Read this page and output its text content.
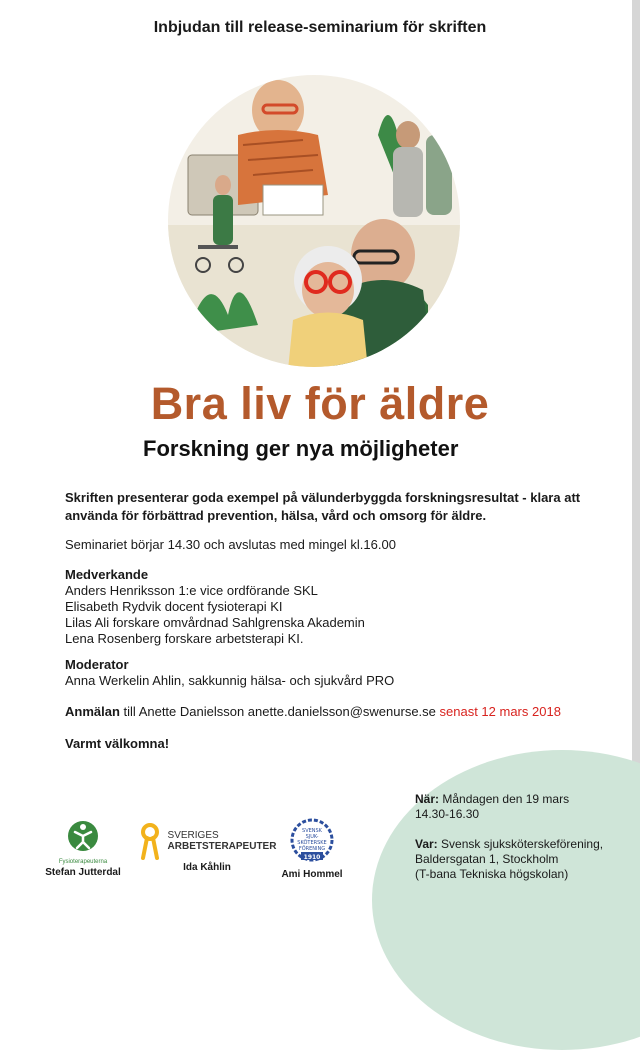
Inbjudan till release-seminarium för skriften
Bra liv för äldre
Forskning ger nya möjligheter
Skriften presenterar goda exempel på välunderbyggda forskningsresultat - klara att använda för förbättrad prevention, hälsa, vård och omsorg för äldre.
Seminariet börjar 14.30 och avslutas med mingel kl.16.00
Medverkande
Anders Henriksson 1:e vice ordförande SKL
Elisabeth Rydvik docent fysioterapi KI
Lilas Ali forskare omvårdnad Sahlgrenska Akademin
Lena Rosenberg forskare arbetsterapi KI.
Moderator
Anna Werkelin Ahlin, sakkunnig hälsa- och sjukvård PRO
Anmälan till Anette Danielsson anette.danielsson@swenurse.se senast 12 mars 2018
Varmt välkomna!
Fysioterapeuterna
Stefan Jutterdal
SVERIGES
ARBETSTERAPEUTER
Ida Kåhlin
SVENSK
SJUK-
SKÖTERSKE
FÖRENING
1910
Ami Hommel
När: Måndagen den 19 mars
14.30-16.30
Var: Svensk sjuksköterskeförening,
Baldersgatan 1, Stockholm
(T-bana Tekniska högskolan)
